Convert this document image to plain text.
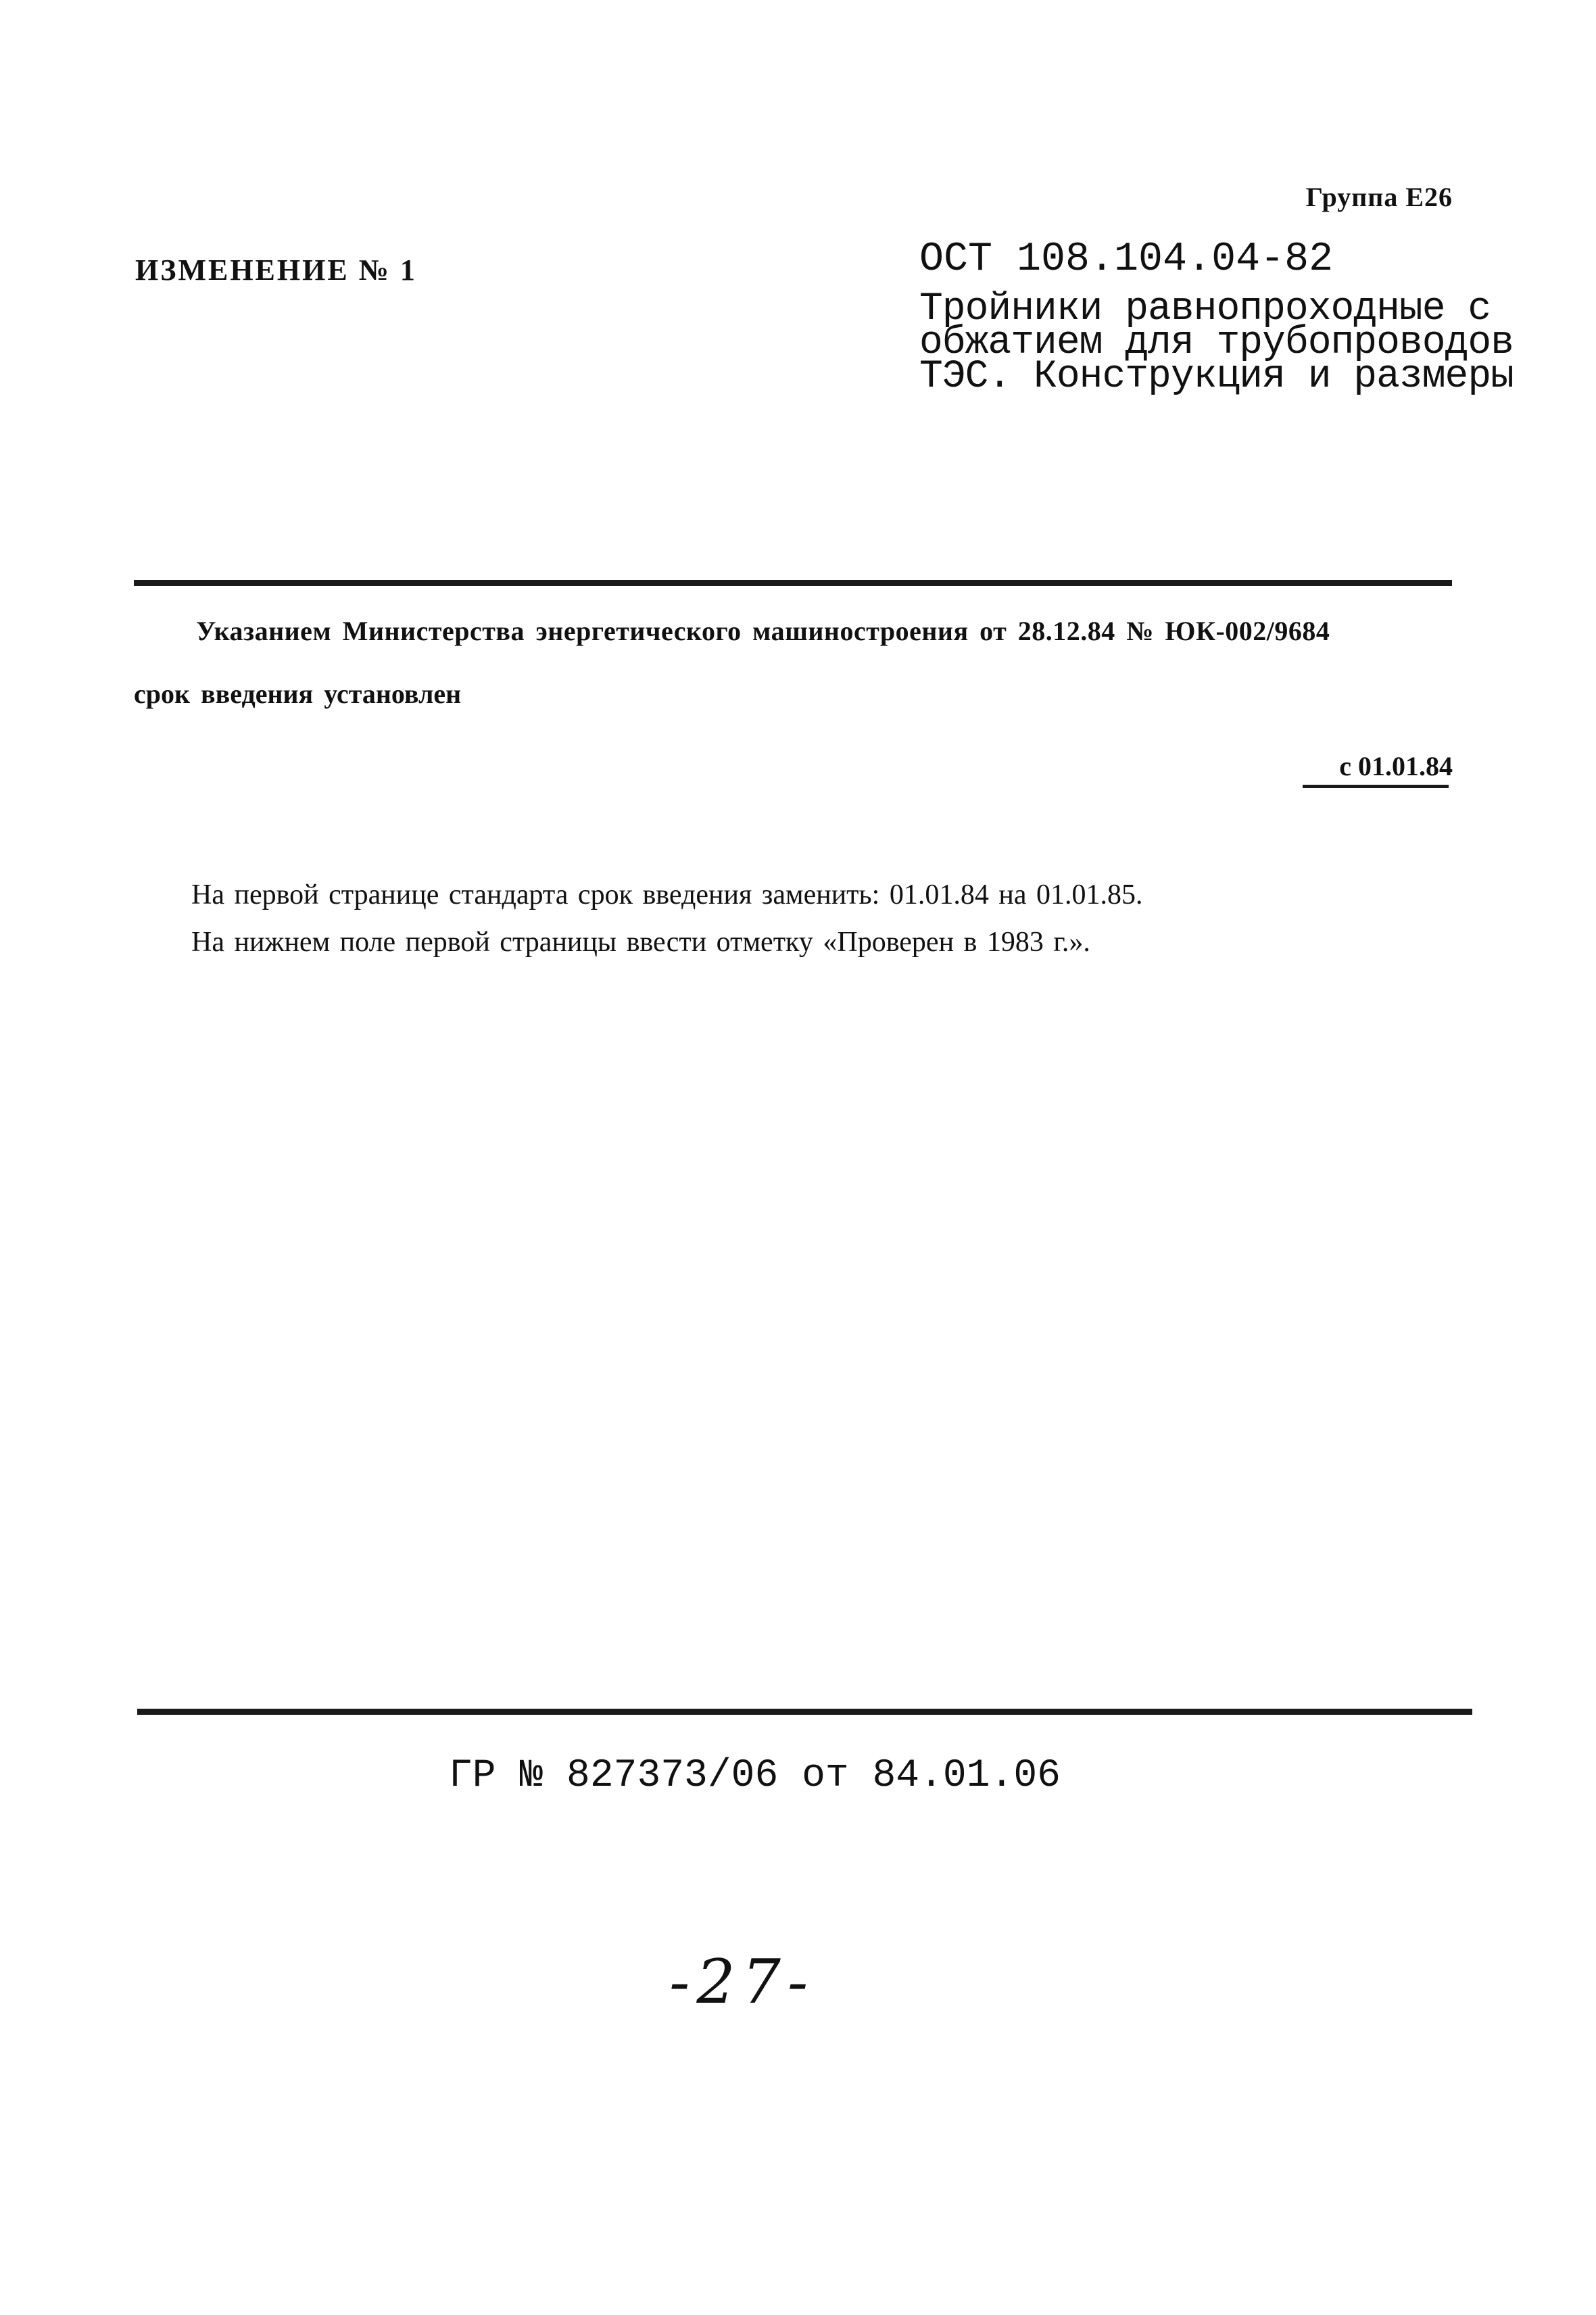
Группа Е26
ИЗМЕНЕНИЕ № 1	ОСТ 108.104.04-82
Тройники равнопроходные с
обжатием для трубопроводов
ТЭС. Конструкция и размеры
Указанием Министерства энергетического машиностроения от 28.12.84 № ЮК-002/9684
срок введения установлен
с 01.01.84
На первой странице стандарта срок введения заменить: 01.01.84 на 01.01.85.
На нижнем поле первой страницы ввести отметку «Проверен в 1983 г.».
ГР № 827373/06 от 84.01.06
-27-
